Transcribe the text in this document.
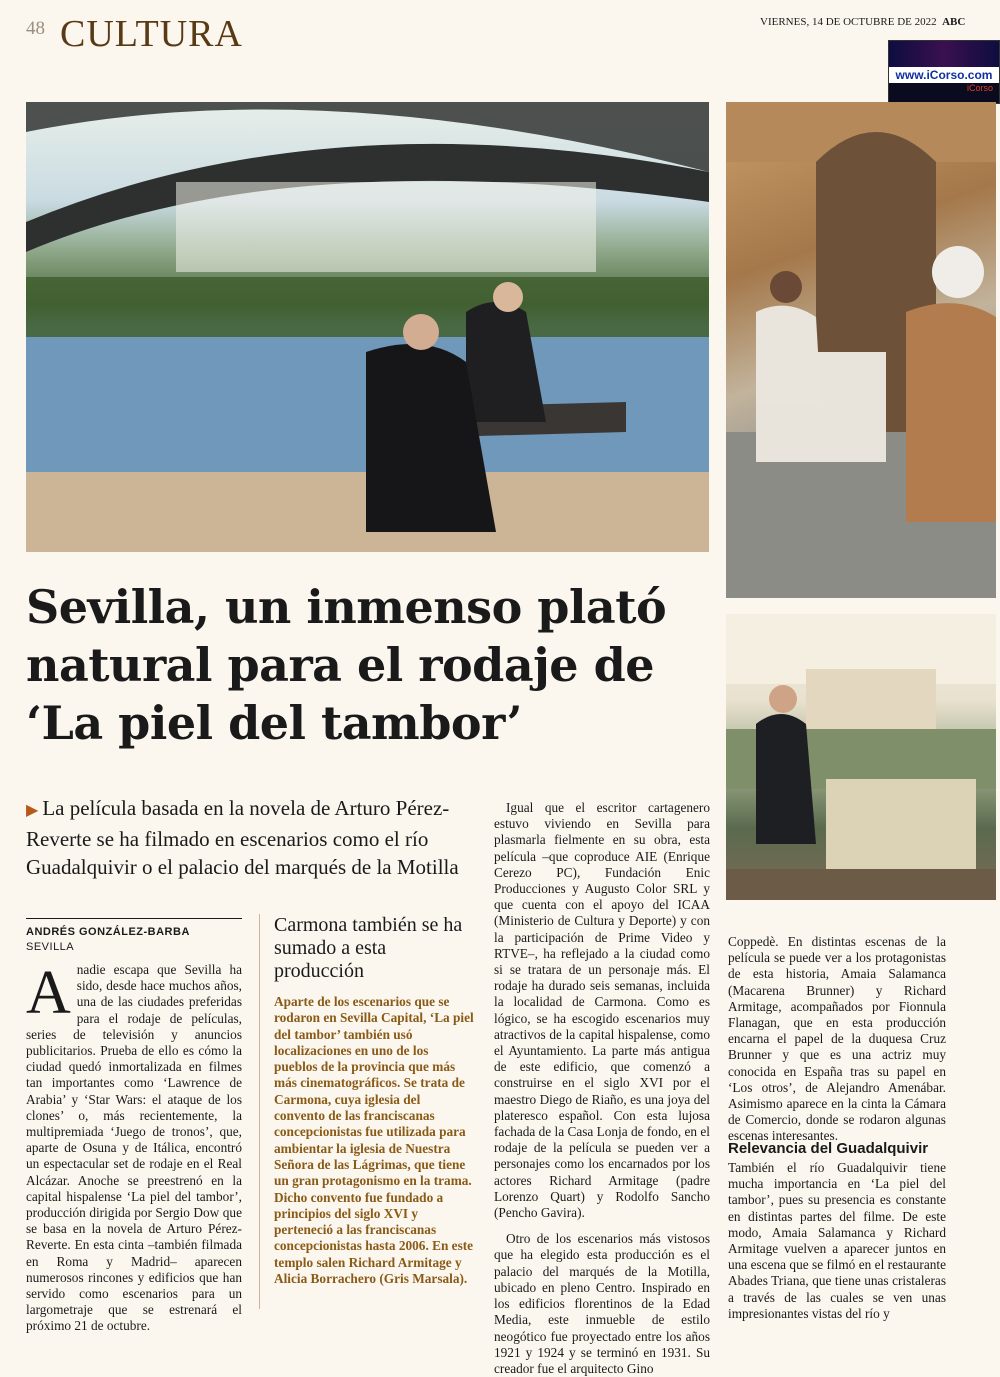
48 CULTURA	VIERNES, 14 DE OCTUBRE DE 2022 ABC
www.iCorso.com
iCorso
Sevilla, un inmenso plató natural para el rodaje de ‘La piel del tambor’
▶ La película basada en la novela de Arturo Pérez-Reverte se ha filmado en escenarios como el río Guadalquivir o el palacio del marqués de la Motilla
ANDRÉS GONZÁLEZ-BARBA
SEVILLA
A nadie escapa que Sevilla ha sido, desde hace muchos años, una de las ciudades preferidas para el rodaje de películas, series de televisión y anuncios publicitarios. Prueba de ello es cómo la ciudad quedó inmortalizada en filmes tan importantes como ‘Lawrence de Arabia’ y ‘Star Wars: el ataque de los clones’ o, más recientemente, la multipremiada ‘Juego de tronos’, que, aparte de Osuna y de Itálica, encontró un espectacular set de rodaje en el Real Alcázar. Anoche se preestrenó en la capital hispalense ‘La piel del tambor’, producción dirigida por Sergio Dow que se basa en la novela de Arturo Pérez-Reverte. En esta cinta –también filmada en Roma y Madrid– aparecen numerosos rincones y edificios que han servido como escenarios para un largometraje que se estrenará el próximo 21 de octubre.
Carmona también se ha sumado a esta producción
Aparte de los escenarios que se rodaron en Sevilla Capital, ‘La piel del tambor’ también usó localizaciones en uno de los pueblos de la provincia que más más cinematográficos. Se trata de Carmona, cuya iglesia del convento de las franciscanas concepcionistas fue utilizada para ambientar la iglesia de Nuestra Señora de las Lágrimas, que tiene un gran protagonismo en la trama. Dicho convento fue fundado a principios del siglo XVI y perteneció a las franciscanas concepcionistas hasta 2006. En este templo salen Richard Armitage y Alicia Borrachero (Gris Marsala).

Igual que el escritor cartagenero estuvo viviendo en Sevilla para plasmarla fielmente en su obra, esta película –que coproduce AIE (Enrique Cerezo PC), Fundación Enic Producciones y Augusto Color SRL y que cuenta con el apoyo del ICAA (Ministerio de Cultura y Deporte) y con la participación de Prime Video y RTVE–, ha reflejado a la ciudad como si se tratara de un personaje más. El rodaje ha durado seis semanas, incluida la localidad de Carmona. Como es lógico, se ha escogido escenarios muy atractivos de la capital hispalense, como el Ayuntamiento. La parte más antigua de este edificio, que comenzó a construirse en el siglo XVI por el maestro Diego de Riaño, es una joya del plateresco español. Con esta lujosa fachada de la Casa Lonja de fondo, en el rodaje de la película se pueden ver a personajes como los encarnados por los actores Richard Armitage (padre Lorenzo Quart) y Rodolfo Sancho (Pencho Gavira).

Otro de los escenarios más vistosos que ha elegido esta producción es el palacio del marqués de la Motilla, ubicado en pleno Centro. Inspirado en los edificios florentinos de la Edad Media, este inmueble de estilo neogótico fue proyectado entre los años 1921 y 1924 y se terminó en 1931. Su creador fue el arquitecto Gino

Coppedè. En distintas escenas de la película se puede ver a los protagonistas de esta historia, Amaia Salamanca (Macarena Brunner) y Richard Armitage, acompañados por Fionnula Flanagan, que en esta producción encarna el papel de la duquesa Cruz Brunner y que es una actriz muy conocida en España tras su papel en ‘Los otros’, de Alejandro Amenábar. Asimismo aparece en la cinta la Cámara de Comercio, donde se rodaron algunas escenas interesantes.

Relevancia del Guadalquivir

También el río Guadalquivir tiene mucha importancia en ‘La piel del tambor’, pues su presencia es constante en distintas partes del filme. De este modo, Amaia Salamanca y Richard Armitage vuelven a aparecer juntos en una escena que se filmó en el restaurante Abades Triana, que tiene unas cristaleras a través de las cuales se ven unas impresionantes vistas del río y
